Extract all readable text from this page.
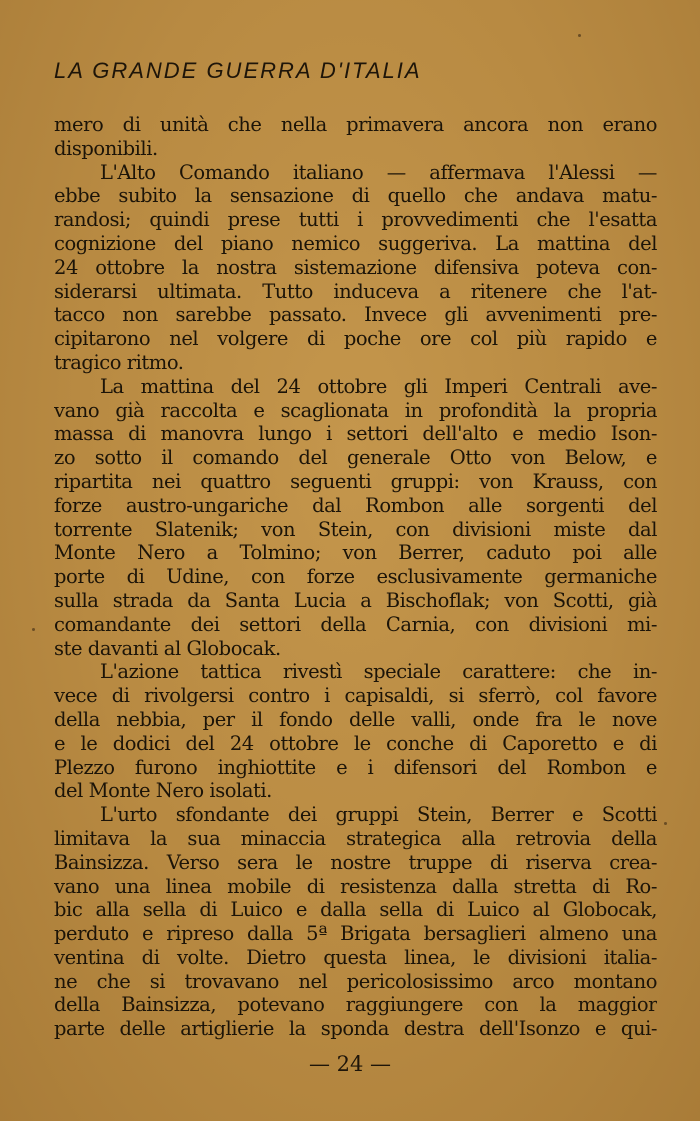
LA GRANDE GUERRA D'ITALIA
mero di unità che nella primavera ancora non erano
disponibili.
L'Alto Comando italiano — affermava l'Alessi —
ebbe subito la sensazione di quello che andava matu-
randosi; quindi prese tutti i provvedimenti che l'esatta
cognizione del piano nemico suggeriva. La mattina del
24 ottobre la nostra sistemazione difensiva poteva con-
siderarsi ultimata. Tutto induceva a ritenere che l'at-
tacco non sarebbe passato. Invece gli avvenimenti pre-
cipitarono nel volgere di poche ore col più rapido e
tragico ritmo.
La mattina del 24 ottobre gli Imperi Centrali ave-
vano già raccolta e scaglionata in profondità la propria
massa di manovra lungo i settori dell'alto e medio Ison-
zo sotto il comando del generale Otto von Below, e
ripartita nei quattro seguenti gruppi: von Krauss, con
forze austro-ungariche dal Rombon alle sorgenti del
torrente Slatenik; von Stein, con divisioni miste dal
Monte Nero a Tolmino; von Berrer, caduto poi alle
porte di Udine, con forze esclusivamente germaniche
sulla strada da Santa Lucia a Bischoflak; von Scotti, già
comandante dei settori della Carnia, con divisioni mi-
ste davanti al Globocak.
L'azione tattica rivestì speciale carattere: che in-
vece di rivolgersi contro i capisaldi, si sferrò, col favore
della nebbia, per il fondo delle valli, onde fra le nove
e le dodici del 24 ottobre le conche di Caporetto e di
Plezzo furono inghiottite e i difensori del Rombon e
del Monte Nero isolati.
L'urto sfondante dei gruppi Stein, Berrer e Scotti
limitava la sua minaccia strategica alla retrovia della
Bainsizza. Verso sera le nostre truppe di riserva crea-
vano una linea mobile di resistenza dalla stretta di Ro-
bic alla sella di Luico e dalla sella di Luico al Globocak,
perduto e ripreso dalla 5ª Brigata bersaglieri almeno una
ventina di volte. Dietro questa linea, le divisioni italia-
ne che si trovavano nel pericolosissimo arco montano
della Bainsizza, potevano raggiungere con la maggior
parte delle artiglierie la sponda destra dell'Isonzo e qui-
— 24 —
